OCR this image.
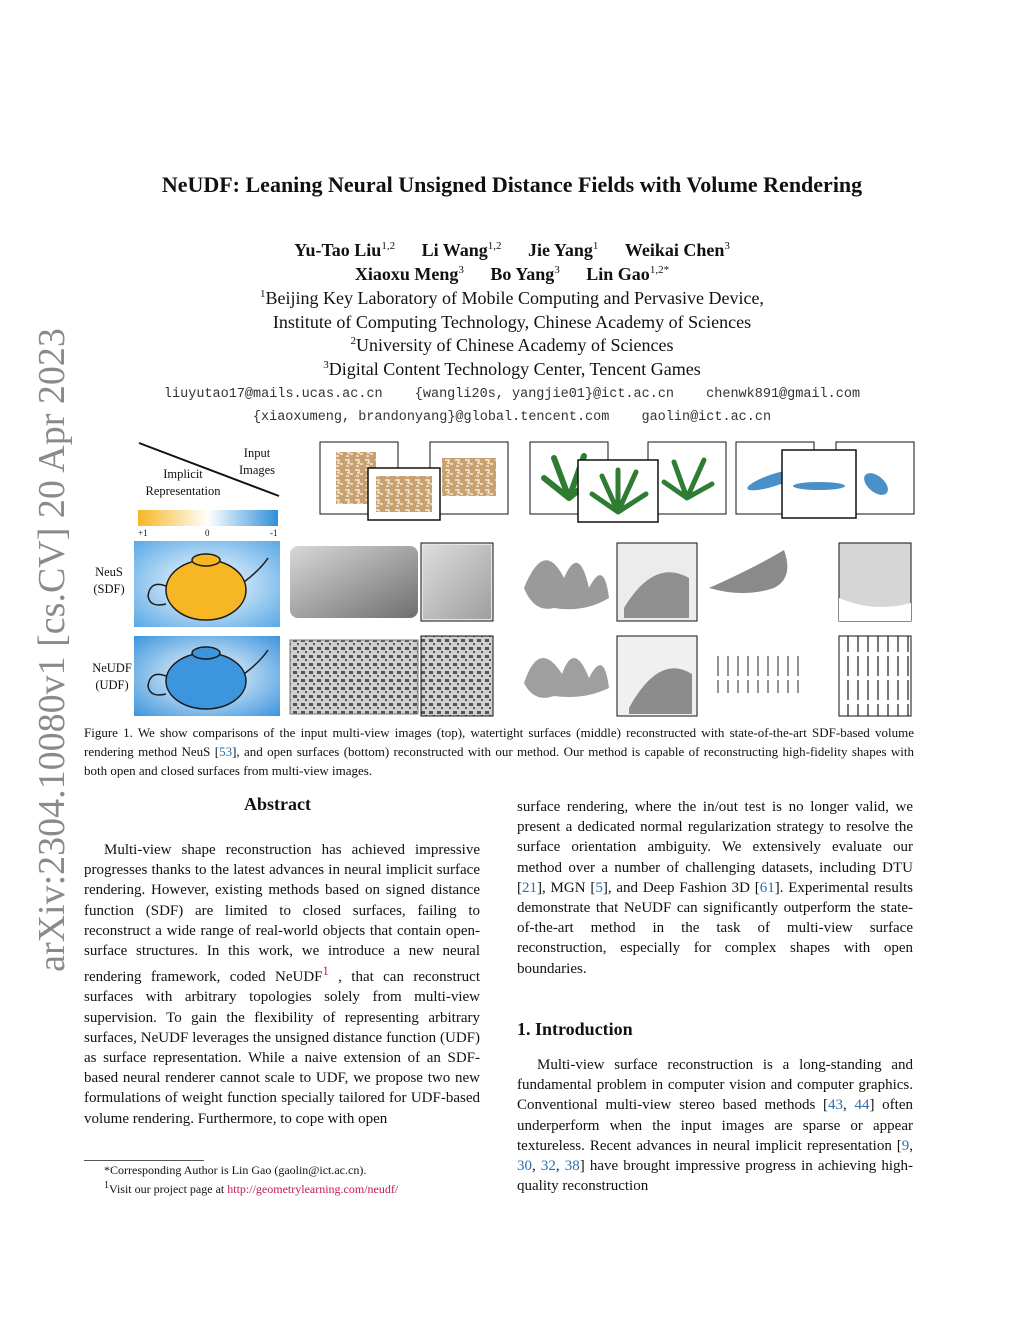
arXiv:2304.10080v1 [cs.CV] 20 Apr 2023
NeUDF: Leaning Neural Unsigned Distance Fields with Volume Rendering
Yu-Tao Liu$^{1,2}$ Li Wang$^{1,2}$ Jie Yang$^1$ Weikai Chen$^3$
Xiaoxu Meng$^3$ Bo Yang$^3$ Lin Gao$^{1,2*}$
$^1$Beijing Key Laboratory of Mobile Computing and Pervasive Device,
Institute of Computing Technology, Chinese Academy of Sciences
$^2$University of Chinese Academy of Sciences
$^3$Digital Content Technology Center, Tencent Games
liuyutao17@mails.ucas.ac.cn {wangli20s, yangjie01}@ict.ac.cn chenwk891@gmail.com
{xiaoxumeng, brandonyang}@global.tencent.com gaolin@ict.ac.cn
Input
Images
Implicit
Representation
+1	0	-1
NeuS
(SDF)
NeUDF
(UDF)
Figure 1. We show comparisons of the input multi-view images (top), watertight surfaces (middle) reconstructed with state-of-the-art SDF-based volume rendering method NeuS [53], and open surfaces (bottom) reconstructed with our method. Our method is capable of reconstructing high-fidelity shapes with both open and closed surfaces from multi-view images.
Abstract
Multi-view shape reconstruction has achieved impressive progresses thanks to the latest advances in neural implicit surface rendering. However, existing methods based on signed distance function (SDF) are limited to closed surfaces, failing to reconstruct a wide range of real-world objects that contain open-surface structures. In this work, we introduce a new neural rendering framework, coded NeUDF$^1$ , that can reconstruct surfaces with arbitrary topologies solely from multi-view supervision. To gain the flexibility of representing arbitrary surfaces, NeUDF leverages the unsigned distance function (UDF) as surface representation. While a naive extension of an SDF-based neural renderer cannot scale to UDF, we propose two new formulations of weight function specially tailored for UDF-based volume rendering. Furthermore, to cope with open
surface rendering, where the in/out test is no longer valid, we present a dedicated normal regularization strategy to resolve the surface orientation ambiguity. We extensively evaluate our method over a number of challenging datasets, including DTU [21], MGN [5], and Deep Fashion 3D [61]. Experimental results demonstrate that NeUDF can significantly outperform the state-of-the-art method in the task of multi-view surface reconstruction, especially for complex shapes with open boundaries.
1. Introduction
Multi-view surface reconstruction is a long-standing and fundamental problem in computer vision and computer graphics. Conventional multi-view stereo based methods [43, 44] often underperform when the input images are sparse or appear textureless. Recent advances in neural implicit representation [9, 30, 32, 38] have brought impressive progress in achieving high-quality reconstruction
*Corresponding Author is Lin Gao (gaolin@ict.ac.cn).
$^1$Visit our project page at http://geometrylearning.com/neudf/
